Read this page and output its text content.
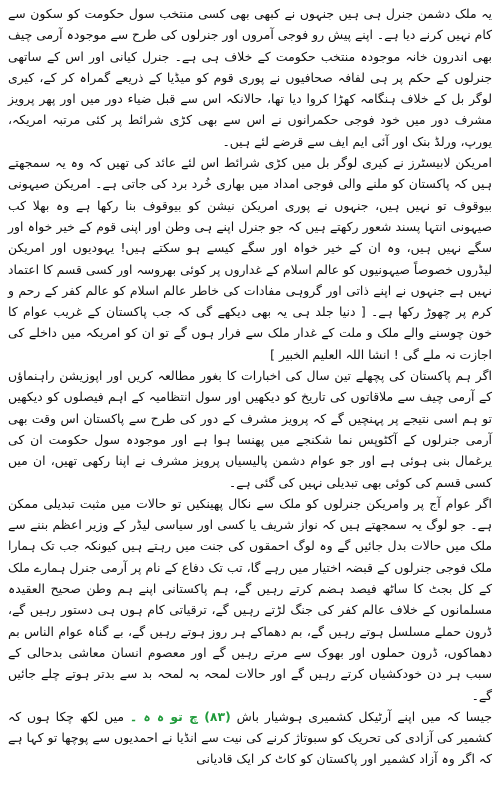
یہ ملک دشمن جنرل ہی ہیں جنہوں نے کبھی بھی کسی منتخب سول حکومت کو سکون سے کام نہیں کرنے دیا ہے۔ اپنے پیش رو فوجی آمروں اور جنرلوں کی طرح سے موجودہ آرمی چیف بھی اندرون خانہ موجودہ منتخب حکومت کے خلاف ہی ہے۔ جنرل کیانی اور اس کے ساتھی جنرلوں کے حکم پر ہی لفافہ صحافیوں نے پوری قوم کو میڈیا کے ذریعے گمراہ کر کے، کیری لوگر بل کے خلاف ہنگامہ کھڑا کروا دیا تھا، حالانکہ اس سے قبل ضیاء دور میں اور پھر پرویز مشرف دور میں خود فوجی حکمرانوں نے اس سے بھی کڑی شرائط پر کئی مرتبہ امریکہ، یورپ، ورلڈ بنک اور آئی ایم ایف سے قرضے لئے ہیں۔

امریکن لابیسٹرز نے کیری لوگر بل میں کڑی شرائط اس لئے عائد کی تھیں کہ وہ یہ سمجھتے ہیں کہ پاکستان کو ملنے والی فوجی امداد میں بھاری خُرد برد کی جاتی ہے۔ امریکن صیہونی بیوقوف تو نہیں ہیں، جنہوں نے پوری امریکن نیشن کو بیوقوف بنا رکھا ہے وہ بھلا کب صیہونی انتہا پسند شعور رکھتے ہیں کہ جو جنرل اپنے ہی وطن اور اپنی قوم کے خیر خواہ اور سگے نہیں ہیں، وہ ان کے خیر خواہ اور سگے کیسے ہو سکتے ہیں! یہودیوں اور امریکن لیڈروں خصوصاً صیہونیوں کو عالم اسلام کے غداروں پر کوئی بھروسہ اور کسی قسم کا اعتماد نہیں ہے جنہوں نے اپنے ذاتی اور گروہی مفادات کی خاطر عالم اسلام کو عالم کفر کے رحم و کرم پر چھوڑ رکھا ہے۔ [ دنیا جلد ہی یہ بھی دیکھے گی کہ جب پاکستان کے غریب عوام کا خون چوسنے والے ملک و ملت کے غدار ملک سے فرار ہوں گے تو ان کو امریکہ میں داخلے کی اجازت نہ ملے گی ! انشا اللہ العلیم الخبیر ]

اگر ہم پاکستان کی پچھلے تین سال کی اخبارات کا بغور مطالعہ کریں اور اپوزیشن راہنماؤں کے آرمی چیف سے ملاقاتوں کی تاریخ کو دیکھیں اور سول انتظامیہ کے اہم فیصلوں کو دیکھیں تو ہم اسی نتیجے پر پہنچیں گے کہ پرویز مشرف کے دور کی طرح سے پاکستان اس وقت بھی آرمی جنرلوں کے آکٹوپس نما شکنجے میں پھنسا ہوا ہے اور موجودہ سول حکومت ان کی یرغمال بنی ہوئی ہے اور جو عوام دشمن پالیسیاں پرویز مشرف نے اپنا رکھی تھیں، ان میں کسی قسم کی کوئی بھی تبدیلی نہیں کی گئی ہے۔

اگر عوام آج پر وامریکن جنرلوں کو ملک سے نکال پھینکیں تو حالات میں مثبت تبدیلی ممکن ہے۔ جو لوگ یہ سمجھتے ہیں کہ نواز شریف یا کسی اور سیاسی لیڈر کے وزیر اعظم بننے سے ملک میں حالات بدل جائیں گے وہ لوگ احمقوں کی جنت میں رہتے ہیں کیونکہ جب تک ہمارا ملک فوجی جنرلوں کے قبضہ اختیار میں رہے گا، تب تک دفاع کے نام پر آرمی جنرل ہمارے ملک کے کل بجٹ کا ساٹھ فیصد ہضم کرتے رہیں گے، ہم پاکستانی اپنے ہم وطن صحیح العقیدہ مسلمانوں کے خلاف عالم کفر کی جنگ لڑتے رہیں گے، ترقیاتی کام ہوں ہی دستور رہیں گے، ڈرون حملے مسلسل ہوتے رہیں گے، بم دھماکے ہر روز ہوتے رہیں گے، بے گناہ عوام الناس بم دھماکوں، ڈرون حملوں اور بھوک سے مرتے رہیں گے اور معصوم انسان معاشی بدحالی کے سبب ہر دن خودکشیاں کرتے رہیں گے اور حالات لمحہ بہ لمحہ بد سے بدتر ہوتے چلے جائیں گے۔

جیسا کہ میں اپنے آرٹیکل کشمیری ہوشیار باش (۸۳) چ تو ہ ہ ۔ میں لکھ چکا ہوں کہ کشمیر کی آزادی کی تحریک کو سبوتاژ کرنے کی نیت سے انڈیا نے احمدیوں سے پوچھا تو کہا ہے کہ اگر وہ آزاد کشمیر اور پاکستان کو کاٹ کر ایک قادیانی
